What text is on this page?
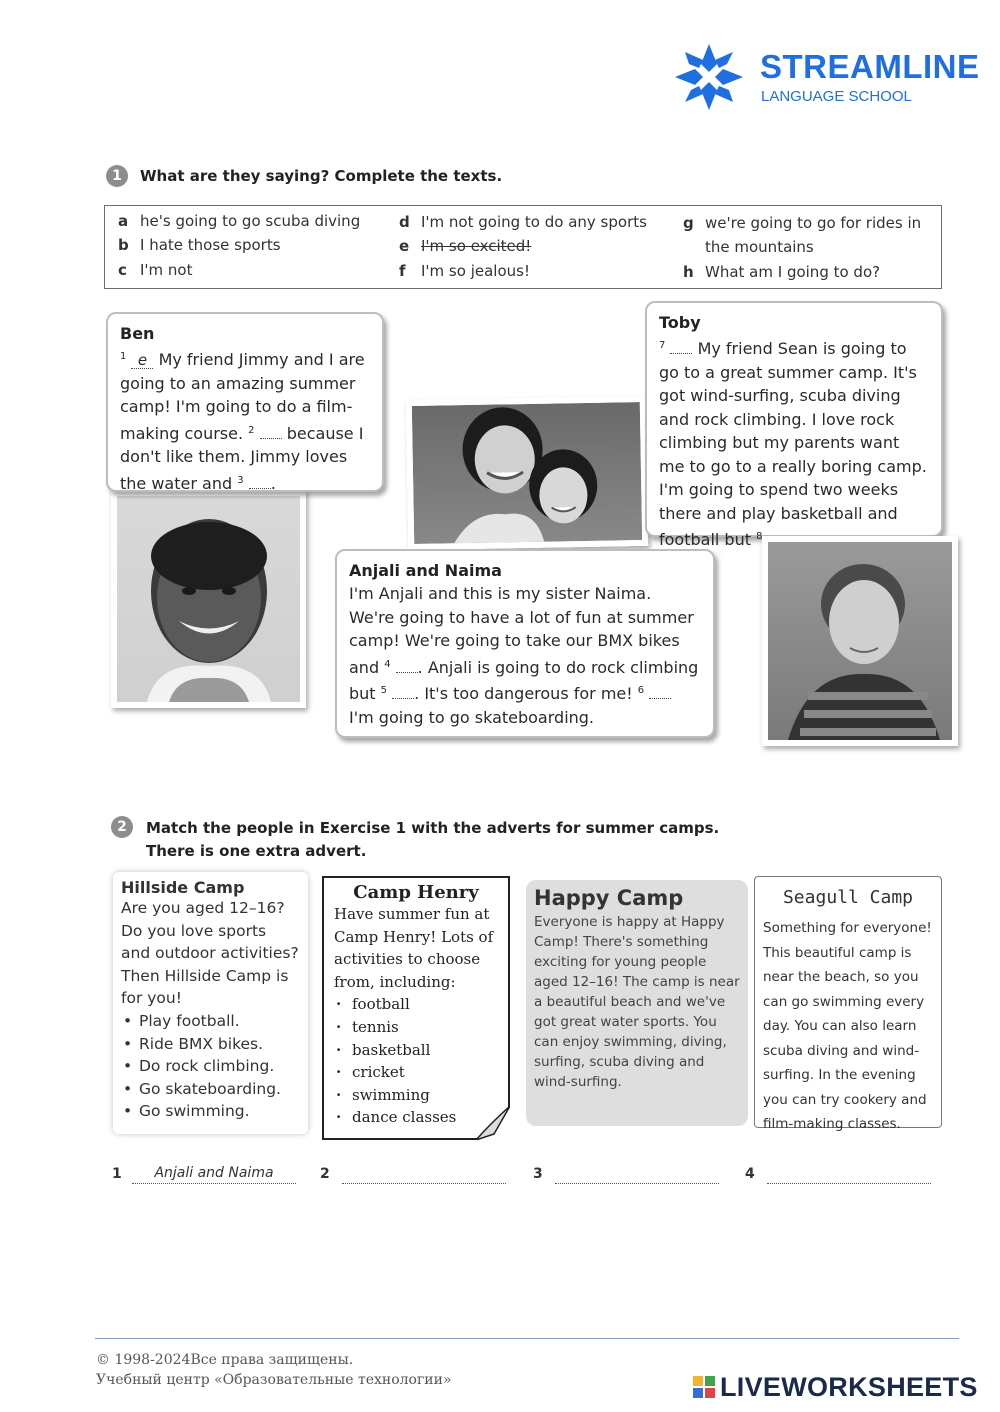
STREAMLINE
LANGUAGE SCHOOL
1	What are they saying? Complete the texts.
a he's going to go scuba diving
b I hate those sports
c I'm not
d I'm not going to do any sports
e I'm so excited!
f I'm so jealous!
g we're going to go for rides in
the mountains
h What am I going to do?
Ben
$^1$ e My friend Jimmy and I are going to an amazing summer camp! I'm going to do a film-making course. $^2$ because I don't like them. Jimmy loves the water and $^3$ .
Toby
$^7$ My friend Sean is going to go to a great summer camp. It's got wind-surfing, scuba diving and rock climbing. I love rock climbing but my parents want me to go to a really boring camp. I'm going to spend two weeks there and play basketball and football but $^8$
Anjali and Naima
I'm Anjali and this is my sister Naima. We're going to have a lot of fun at summer camp! We're going to take our BMX bikes and $^4$ . Anjali is going to do rock climbing but $^5$ . It's too dangerous for me! $^6$  I'm going to go skateboarding.
2	Match the people in Exercise 1 with the adverts for summer camps.
There is one extra advert.
Hillside Camp
Are you aged 12–16? Do you love sports and outdoor activities? Then Hillside Camp is for you!
• Play football.
• Ride BMX bikes.
• Do rock climbing.
• Go skateboarding.
• Go swimming.
Camp Henry
Have summer fun at Camp Henry! Lots of activities to choose from, including:
· football
· tennis
· basketball
· cricket
· swimming
· dance classes
Happy Camp
Everyone is happy at Happy Camp! There's something exciting for young people aged 12–16! The camp is near a beautiful beach and we've got great water sports. You can enjoy swimming, diving, surfing, scuba diving and wind-surfing.
Seagull Camp
Something for everyone! This beautiful camp is near the beach, so you can go swimming every day. You can also learn scuba diving and wind-surfing. In the evening you can try cookery and film-making classes.
1	Anjali and Naima	2	3	4
© 1998-2024Все права защищены.
Учебный центр «Образовательные технологии»	LIVEWORKSHEETS
